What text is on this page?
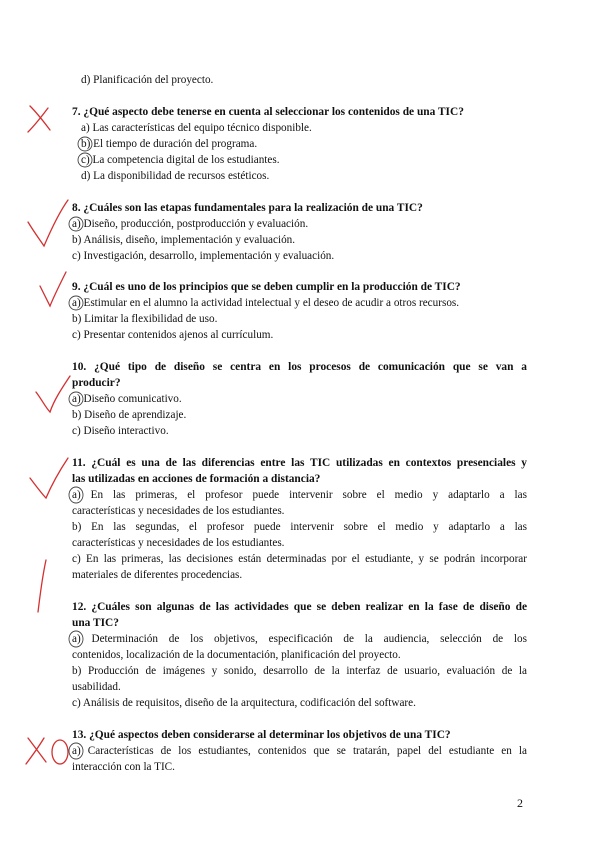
d) Planificación del proyecto.
7. ¿Qué aspecto debe tenerse en cuenta al seleccionar los contenidos de una TIC?
a) Las características del equipo técnico disponible.
b) El tiempo de duración del programa.
c) La competencia digital de los estudiantes.
d) La disponibilidad de recursos estéticos.
8. ¿Cuáles son las etapas fundamentales para la realización de una TIC?
a) Diseño, producción, postproducción y evaluación.
b) Análisis, diseño, implementación y evaluación.
c) Investigación, desarrollo, implementación y evaluación.
9. ¿Cuál es uno de los principios que se deben cumplir en la producción de TIC?
a) Estimular en el alumno la actividad intelectual y el deseo de acudir a otros recursos.
b) Limitar la flexibilidad de uso.
c) Presentar contenidos ajenos al currículum.
10. ¿Qué tipo de diseño se centra en los procesos de comunicación que se van a
producir?
a) Diseño comunicativo.
b) Diseño de aprendizaje.
c) Diseño interactivo.
11. ¿Cuál es una de las diferencias entre las TIC utilizadas en contextos presenciales y
las utilizadas en acciones de formación a distancia?
a) En las primeras, el profesor puede intervenir sobre el medio y adaptarlo a las
características y necesidades de los estudiantes.
b) En las segundas, el profesor puede intervenir sobre el medio y adaptarlo a las
características y necesidades de los estudiantes.
c) En las primeras, las decisiones están determinadas por el estudiante, y se podrán incorporar
materiales de diferentes procedencias.
12. ¿Cuáles son algunas de las actividades que se deben realizar en la fase de diseño de
una TIC?
a) Determinación de los objetivos, especificación de la audiencia, selección de los
contenidos, localización de la documentación, planificación del proyecto.
b) Producción de imágenes y sonido, desarrollo de la interfaz de usuario, evaluación de la
usabilidad.
c) Análisis de requisitos, diseño de la arquitectura, codificación del software.
13. ¿Qué aspectos deben considerarse al determinar los objetivos de una TIC?
a) Características de los estudiantes, contenidos que se tratarán, papel del estudiante en la
interacción con la TIC.
2
